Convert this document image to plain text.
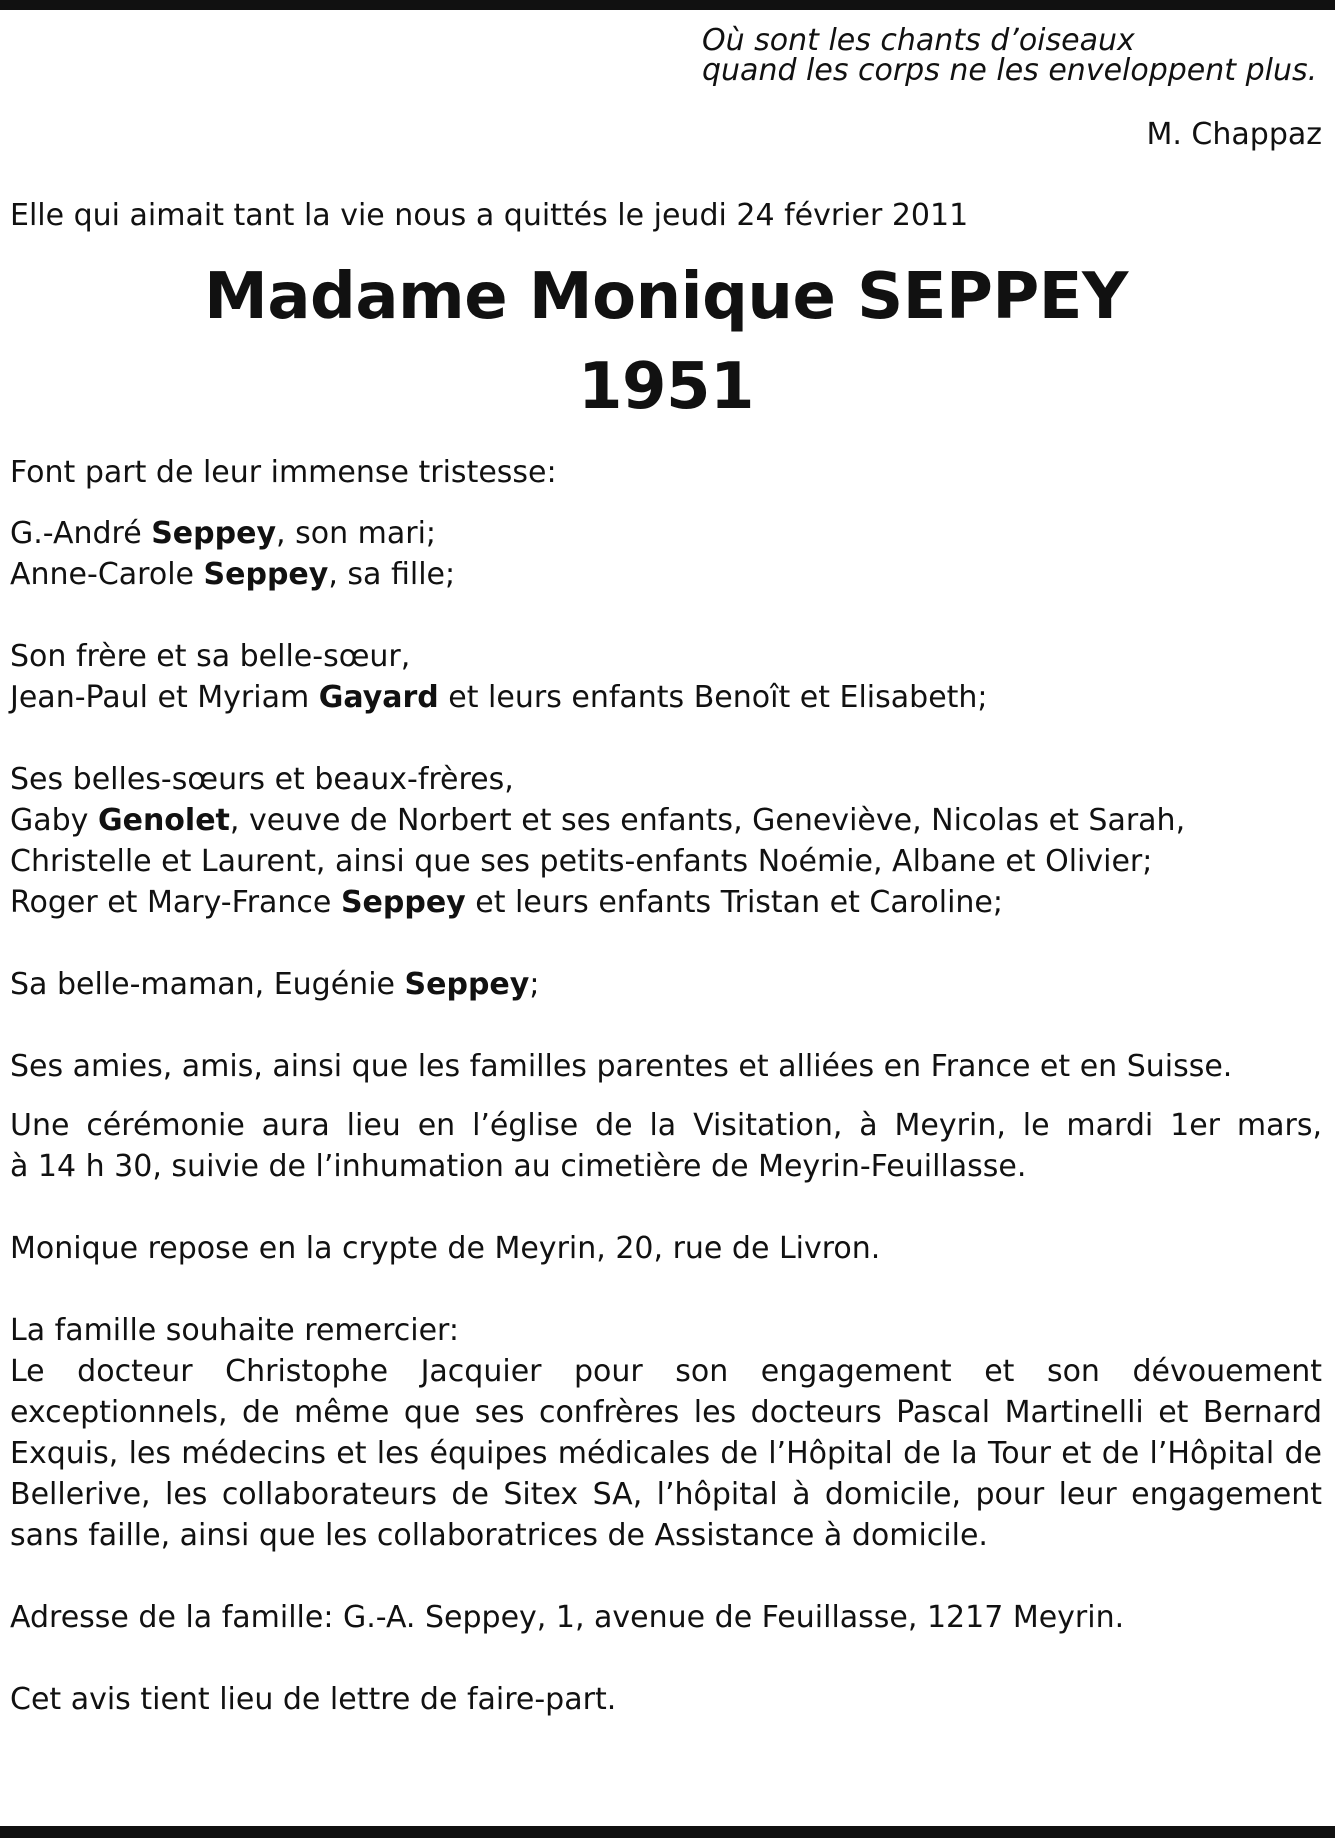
Où sont les chants d’oiseaux
quand les corps ne les enveloppent plus.
M. Chappaz

Elle qui aimait tant la vie nous a quittés le jeudi 24 février 2011

Madame Monique SEPPEY
1951

Font part de leur immense tristesse:

G.-André Seppey, son mari;

Anne-Carole Seppey, sa fille;

Son frère et sa belle-sœur,

Jean-Paul et Myriam Gayard et leurs enfants Benoît et Elisabeth;

Ses belles-sœurs et beaux-frères,

Gaby Genolet, veuve de Norbert et ses enfants, Geneviève, Nicolas et Sarah,

Christelle et Laurent, ainsi que ses petits-enfants Noémie, Albane et Olivier;

Roger et Mary-France Seppey et leurs enfants Tristan et Caroline;

Sa belle-maman, Eugénie Seppey;

Ses amies, amis, ainsi que les familles parentes et alliées en France et en Suisse.

Une cérémonie aura lieu en l’église de la Visitation, à Meyrin, le mardi 1er mars,

à 14 h 30, suivie de l’inhumation au cimetière de Meyrin-Feuillasse.

Monique repose en la crypte de Meyrin, 20, rue de Livron.

La famille souhaite remercier:

Le docteur Christophe Jacquier pour son engagement et son dévouement exceptionnels, de même que ses confrères les docteurs Pascal Martinelli et Bernard Exquis, les médecins et les équipes médicales de l’Hôpital de la Tour et de l’Hôpital de Bellerive, les collaborateurs de Sitex SA, l’hôpital à domicile, pour leur engagement sans faille, ainsi que les collaboratrices de Assistance à domicile.

Adresse de la famille: G.-A. Seppey, 1, avenue de Feuillasse, 1217 Meyrin.

Cet avis tient lieu de lettre de faire-part.
